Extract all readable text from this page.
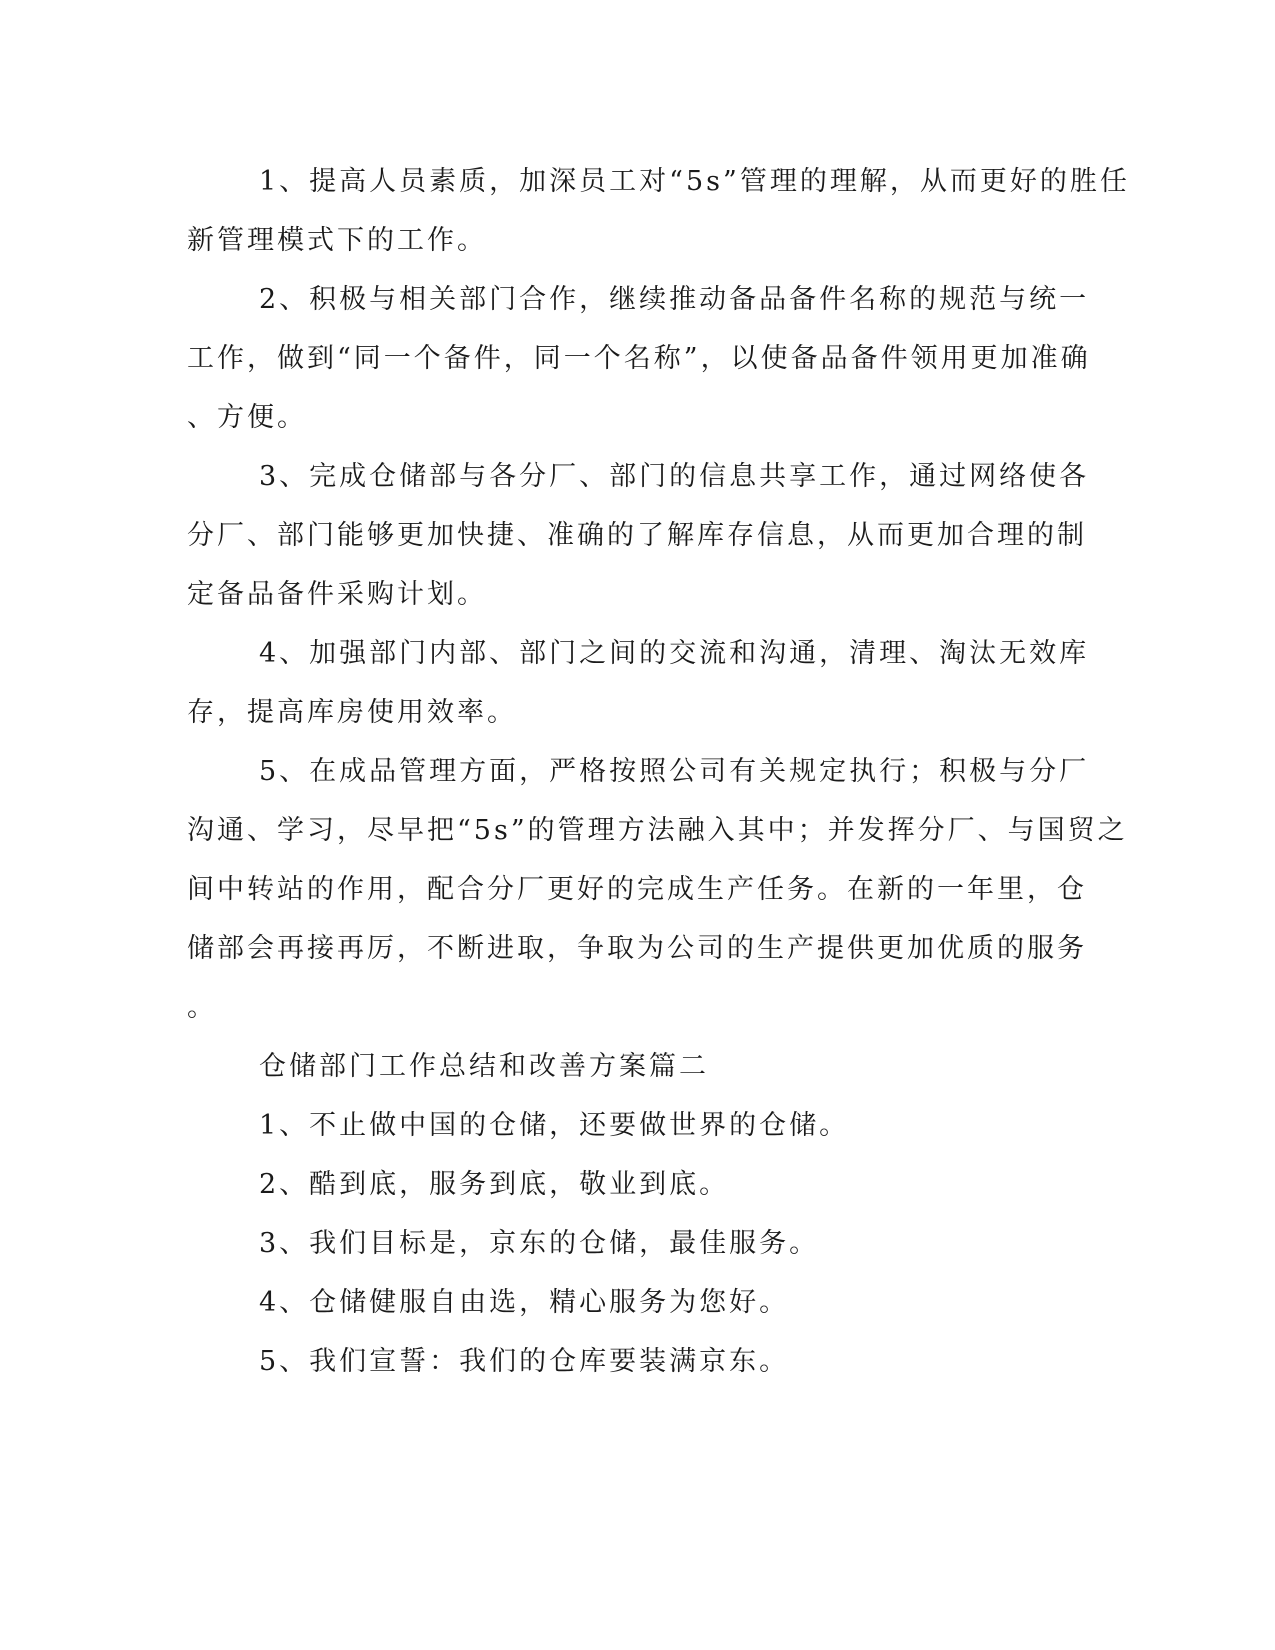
1、提高人员素质，加深员工对“5s”管理的理解，从而更好的胜任

新管理模式下的工作。

2、积极与相关部门合作，继续推动备品备件名称的规范与统一

工作，做到“同一个备件，同一个名称”，以使备品备件领用更加准确

、方便。

3、完成仓储部与各分厂、部门的信息共享工作，通过网络使各

分厂、部门能够更加快捷、准确的了解库存信息，从而更加合理的制

定备品备件采购计划。

4、加强部门内部、部门之间的交流和沟通，清理、淘汰无效库

存，提高库房使用效率。

5、在成品管理方面，严格按照公司有关规定执行；积极与分厂

沟通、学习，尽早把“5s”的管理方法融入其中；并发挥分厂、与国贸之

间中转站的作用，配合分厂更好的完成生产任务。在新的一年里，仓

储部会再接再厉，不断进取，争取为公司的生产提供更加优质的服务

。

仓储部门工作总结和改善方案篇二

1、不止做中国的仓储，还要做世界的仓储。

2、酷到底，服务到底，敬业到底。

3、我们目标是，京东的仓储，最佳服务。

4、仓储健服自由选，精心服务为您好。

5、我们宣誓：我们的仓库要装满京东。
